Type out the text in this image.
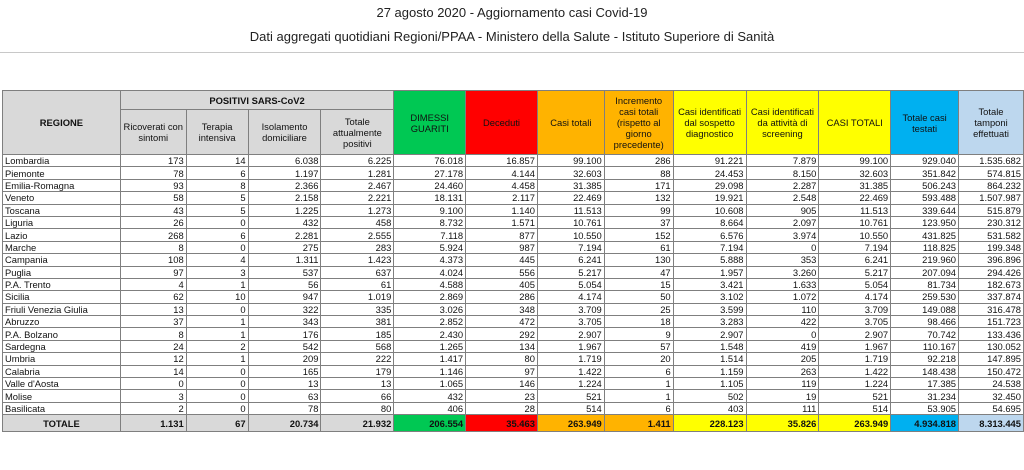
27 agosto 2020 - Aggiornamento casi Covid-19
Dati aggregati quotidiani Regioni/PPAA - Ministero della Salute - Istituto Superiore di Sanità
REGIONE	POSITIVI SARS-CoV2				DIMESSI GUARITI	Deceduti	Casi totali	Incremento casi totali (rispetto al giorno precedente)	Casi identificati dal sospetto diagnostico	Casi identificati da attività di screening	CASI TOTALI	Totale casi testati	Totale tamponi effettuati
	Ricoverati con sintomi	Terapia intensiva	Isolamento domiciliare	Totale attualmente positivi									
Lombardia	173	14	6.038	6.225	76.018	16.857	99.100	286	91.221	7.879	99.100	929.040	1.535.682
Piemonte	78	6	1.197	1.281	27.178	4.144	32.603	88	24.453	8.150	32.603	351.842	574.815
Emilia-Romagna	93	8	2.366	2.467	24.460	4.458	31.385	171	29.098	2.287	31.385	506.243	864.232
Veneto	58	5	2.158	2.221	18.131	2.117	22.469	132	19.921	2.548	22.469	593.488	1.507.987
Toscana	43	5	1.225	1.273	9.100	1.140	11.513	99	10.608	905	11.513	339.644	515.879
Liguria	26	0	432	458	8.732	1.571	10.761	37	8.664	2.097	10.761	123.950	230.312
Lazio	268	6	2.281	2.555	7.118	877	10.550	152	6.576	3.974	10.550	431.825	531.582
Marche	8	0	275	283	5.924	987	7.194	61	7.194	0	7.194	118.825	199.348
Campania	108	4	1.311	1.423	4.373	445	6.241	130	5.888	353	6.241	219.960	396.896
Puglia	97	3	537	637	4.024	556	5.217	47	1.957	3.260	5.217	207.094	294.426
P.A. Trento	4	1	56	61	4.588	405	5.054	15	3.421	1.633	5.054	81.734	182.673
Sicilia	62	10	947	1.019	2.869	286	4.174	50	3.102	1.072	4.174	259.530	337.874
Friuli Venezia Giulia	13	0	322	335	3.026	348	3.709	25	3.599	110	3.709	149.088	316.478
Abruzzo	37	1	343	381	2.852	472	3.705	18	3.283	422	3.705	98.466	151.723
P.A. Bolzano	8	1	176	185	2.430	292	2.907	9	2.907	0	2.907	70.742	133.436
Sardegna	24	2	542	568	1.265	134	1.967	57	1.548	419	1.967	110.167	130.052
Umbria	12	1	209	222	1.417	80	1.719	20	1.514	205	1.719	92.218	147.895
Calabria	14	0	165	179	1.146	97	1.422	6	1.159	263	1.422	148.438	150.472
Valle d'Aosta	0	0	13	13	1.065	146	1.224	1	1.105	119	1.224	17.385	24.538
Molise	3	0	63	66	432	23	521	1	502	19	521	31.234	32.450
Basilicata	2	0	78	80	406	28	514	6	403	111	514	53.905	54.695
TOTALE	1.131	67	20.734	21.932	206.554	35.463	263.949	1.411	228.123	35.826	263.949	4.934.818	8.313.445
